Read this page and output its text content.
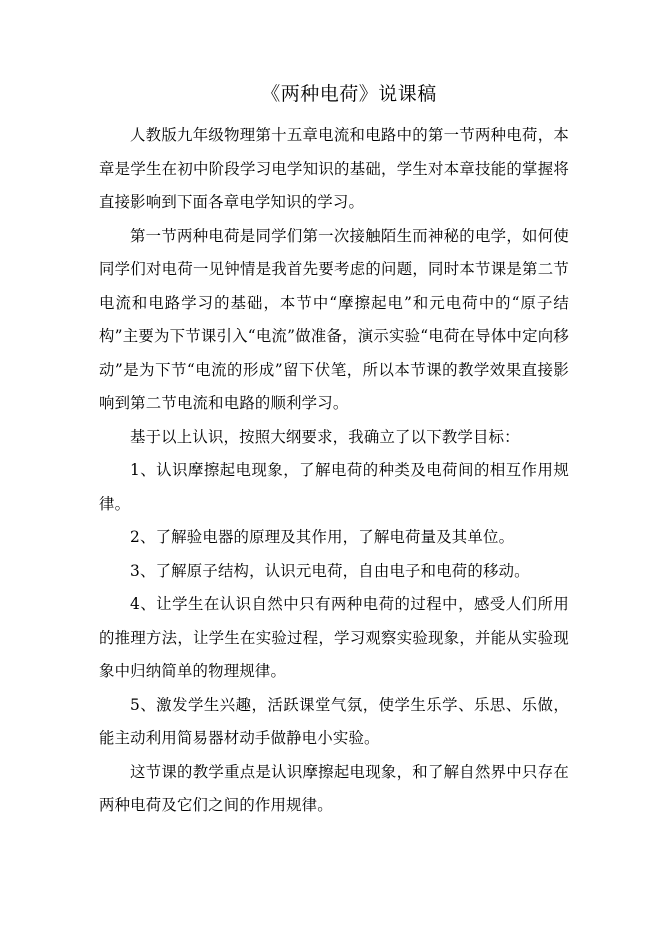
《两种电荷》说课稿

人教版九年级物理第十五章电流和电路中的第一节两种电荷，本章是学生在初中阶段学习电学知识的基础，学生对本章技能的掌握将直接影响到下面各章电学知识的学习。

第一节两种电荷是同学们第一次接触陌生而神秘的电学，如何使同学们对电荷一见钟情是我首先要考虑的问题，同时本节课是第二节电流和电路学习的基础，本节中“摩擦起电”和元电荷中的“原子结构”主要为下节课引入“电流”做准备，演示实验“电荷在导体中定向移动”是为下节“电流的形成”留下伏笔，所以本节课的教学效果直接影响到第二节电流和电路的顺利学习。

基于以上认识，按照大纲要求，我确立了以下教学目标：

1、认识摩擦起电现象，了解电荷的种类及电荷间的相互作用规律。

2、了解验电器的原理及其作用，了解电荷量及其单位。

3、了解原子结构，认识元电荷，自由电子和电荷的移动。

4、让学生在认识自然中只有两种电荷的过程中，感受人们所用的推理方法，让学生在实验过程，学习观察实验现象，并能从实验现象中归纳简单的物理规律。

5、激发学生兴趣，活跃课堂气氛，使学生乐学、乐思、乐做，能主动利用简易器材动手做静电小实验。

这节课的教学重点是认识摩擦起电现象，和了解自然界中只存在两种电荷及它们之间的作用规律。
